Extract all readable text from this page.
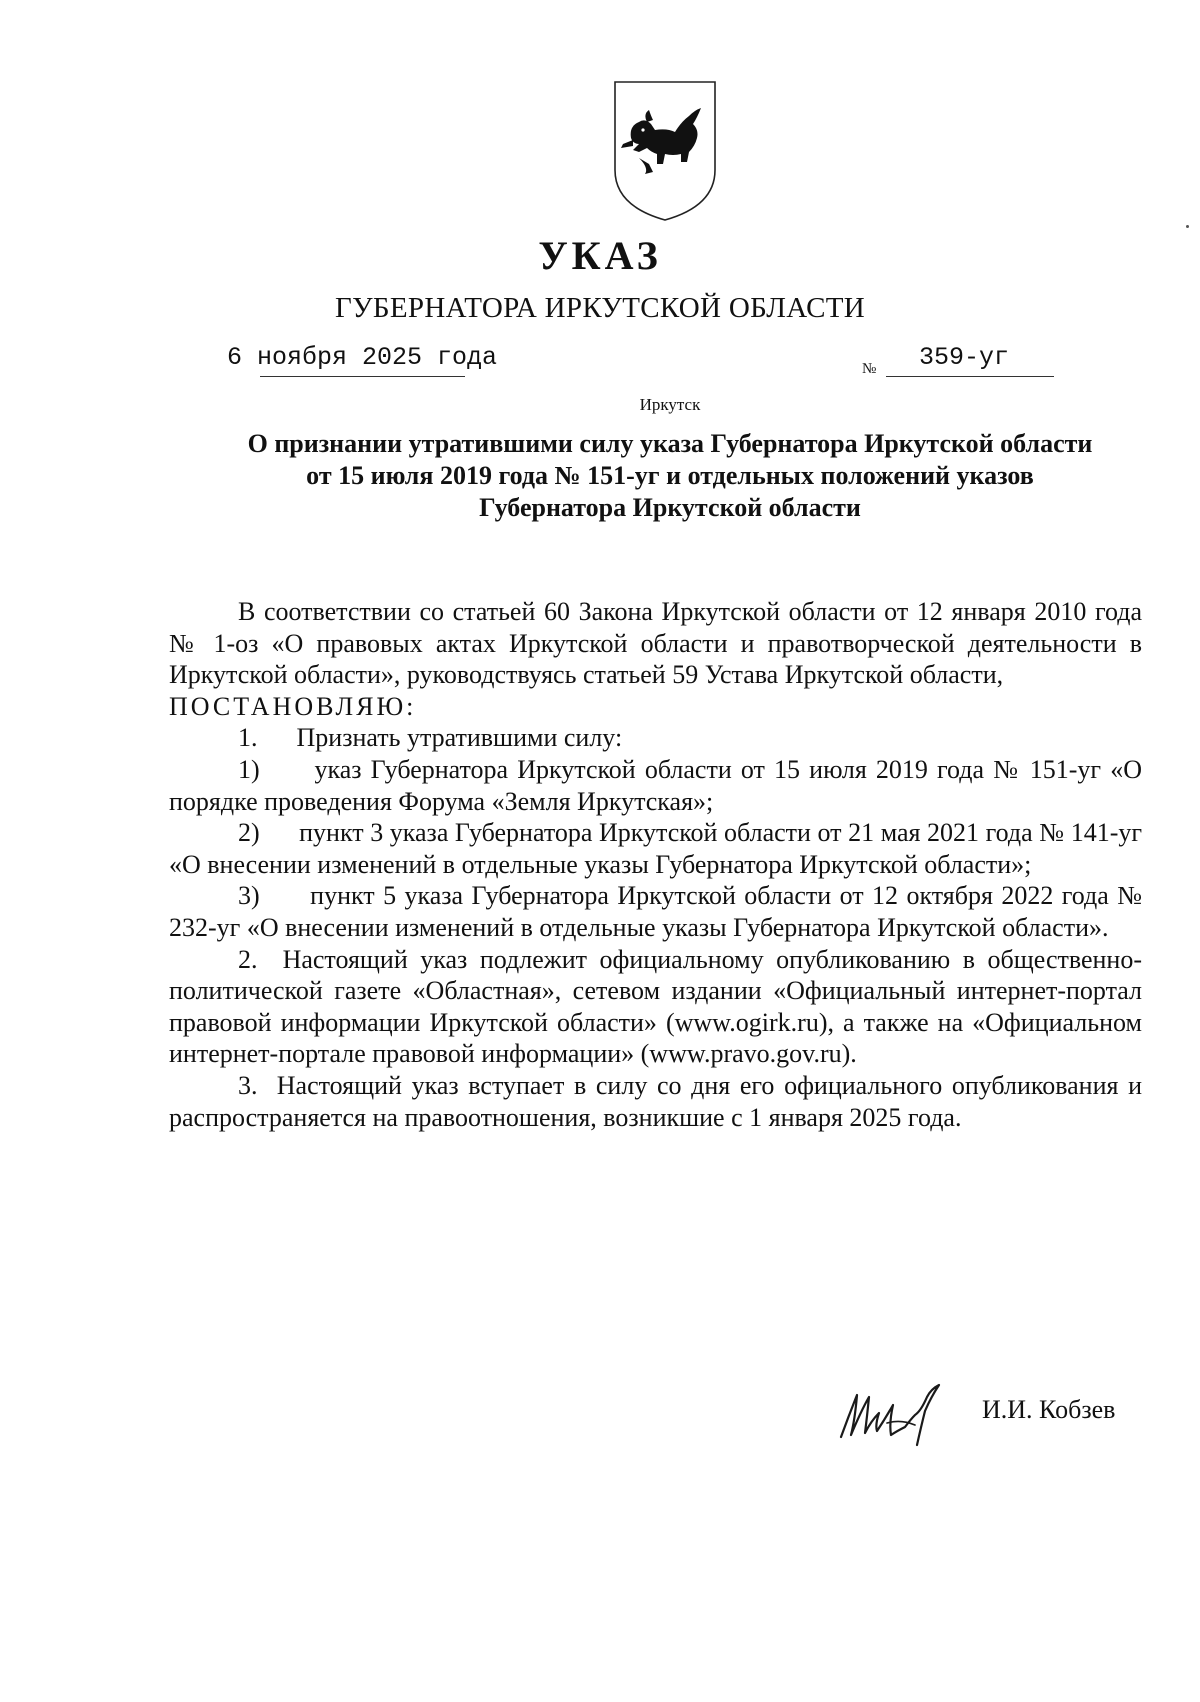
УКАЗ
ГУБЕРНАТОРА ИРКУТСКОЙ ОБЛАСТИ
6 ноября 2025 года	№ 359-уг
Иркутск
О признании утратившими силу указа Губернатора Иркутской области
от 15 июля 2019 года № 151-уг и отдельных положений указов
Губернатора Иркутской области

В соответствии со статьей 60 Закона Иркутской области от 12 января 2010 года № 1-оз «О правовых актах Иркутской области и правотворческой деятельности в Иркутской области», руководствуясь статьей 59 Устава Иркутской области,

ПОСТАНОВЛЯЮ:

1. Признать утратившими силу:

1) указ Губернатора Иркутской области от 15 июля 2019 года № 151-уг «О порядке проведения Форума «Земля Иркутская»;

2) пункт 3 указа Губернатора Иркутской области от 21 мая 2021 года № 141-уг «О внесении изменений в отдельные указы Губернатора Иркутской области»;

3) пункт 5 указа Губернатора Иркутской области от 12 октября 2022 года № 232-уг «О внесении изменений в отдельные указы Губернатора Иркутской области».

2. Настоящий указ подлежит официальному опубликованию в общественно-политической газете «Областная», сетевом издании «Официальный интернет-портал правовой информации Иркутской области» (www.ogirk.ru), а также на «Официальном интернет-портале правовой информации» (www.pravo.gov.ru).

3. Настоящий указ вступает в силу со дня его официального опубликования и распространяется на правоотношения, возникшие с 1 января 2025 года.

И.И. Кобзев
